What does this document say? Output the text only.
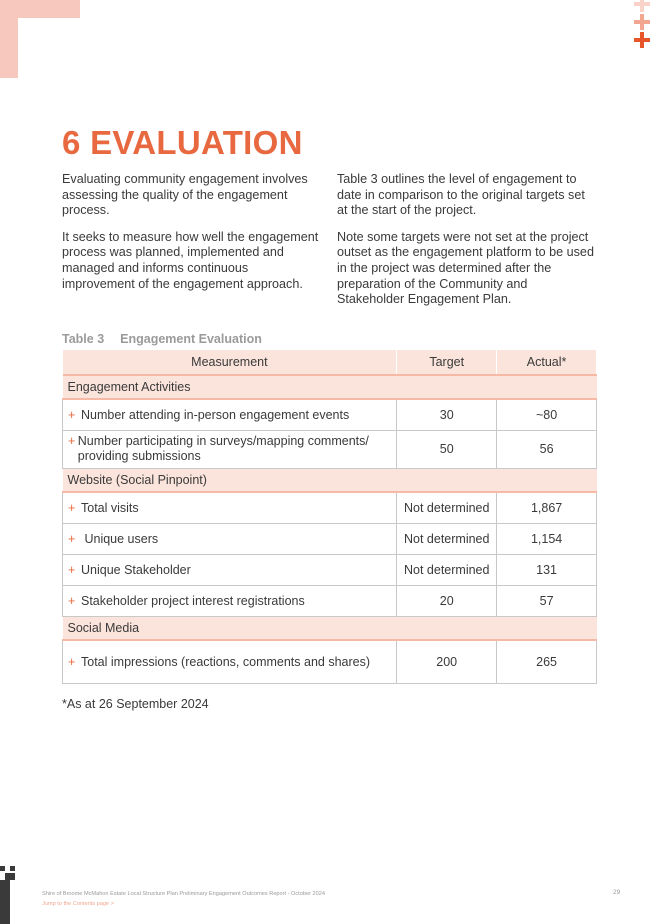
6 EVALUATION

Evaluating community engagement involves assessing the quality of the engagement process.

It seeks to measure how well the engagement process was planned, implemented and managed and informs continuous improvement of the engagement approach.

Table 3 outlines the level of engagement to date in comparison to the original targets set at the start of the project.

Note some targets were not set at the project outset as the engagement platform to be used in the project was determined after the preparation of the Community and Stakeholder Engagement Plan.

Table 3 Engagement Evaluation
Measurement	Target	Actual*
Engagement Activities		
+ Number attending in-person engagement events	30	~80

+ Number participating in surveys/mapping comments/ providing submissions	50	56
Website (Social Pinpoint)		
+ Total visits	Not determined	1,867
+ Unique users	Not determined	1,154
+ Unique Stakeholder	Not determined	131
+ Stakeholder project interest registrations	20	57
Social Media		
+ Total impressions (reactions, comments and shares)	200	265
*As at 26 September 2024
Shire of Broome McMahon Estate Local Structure Plan Preliminary Engagement Outcomes Report - October 2024
Jump to the Contents page >
29
